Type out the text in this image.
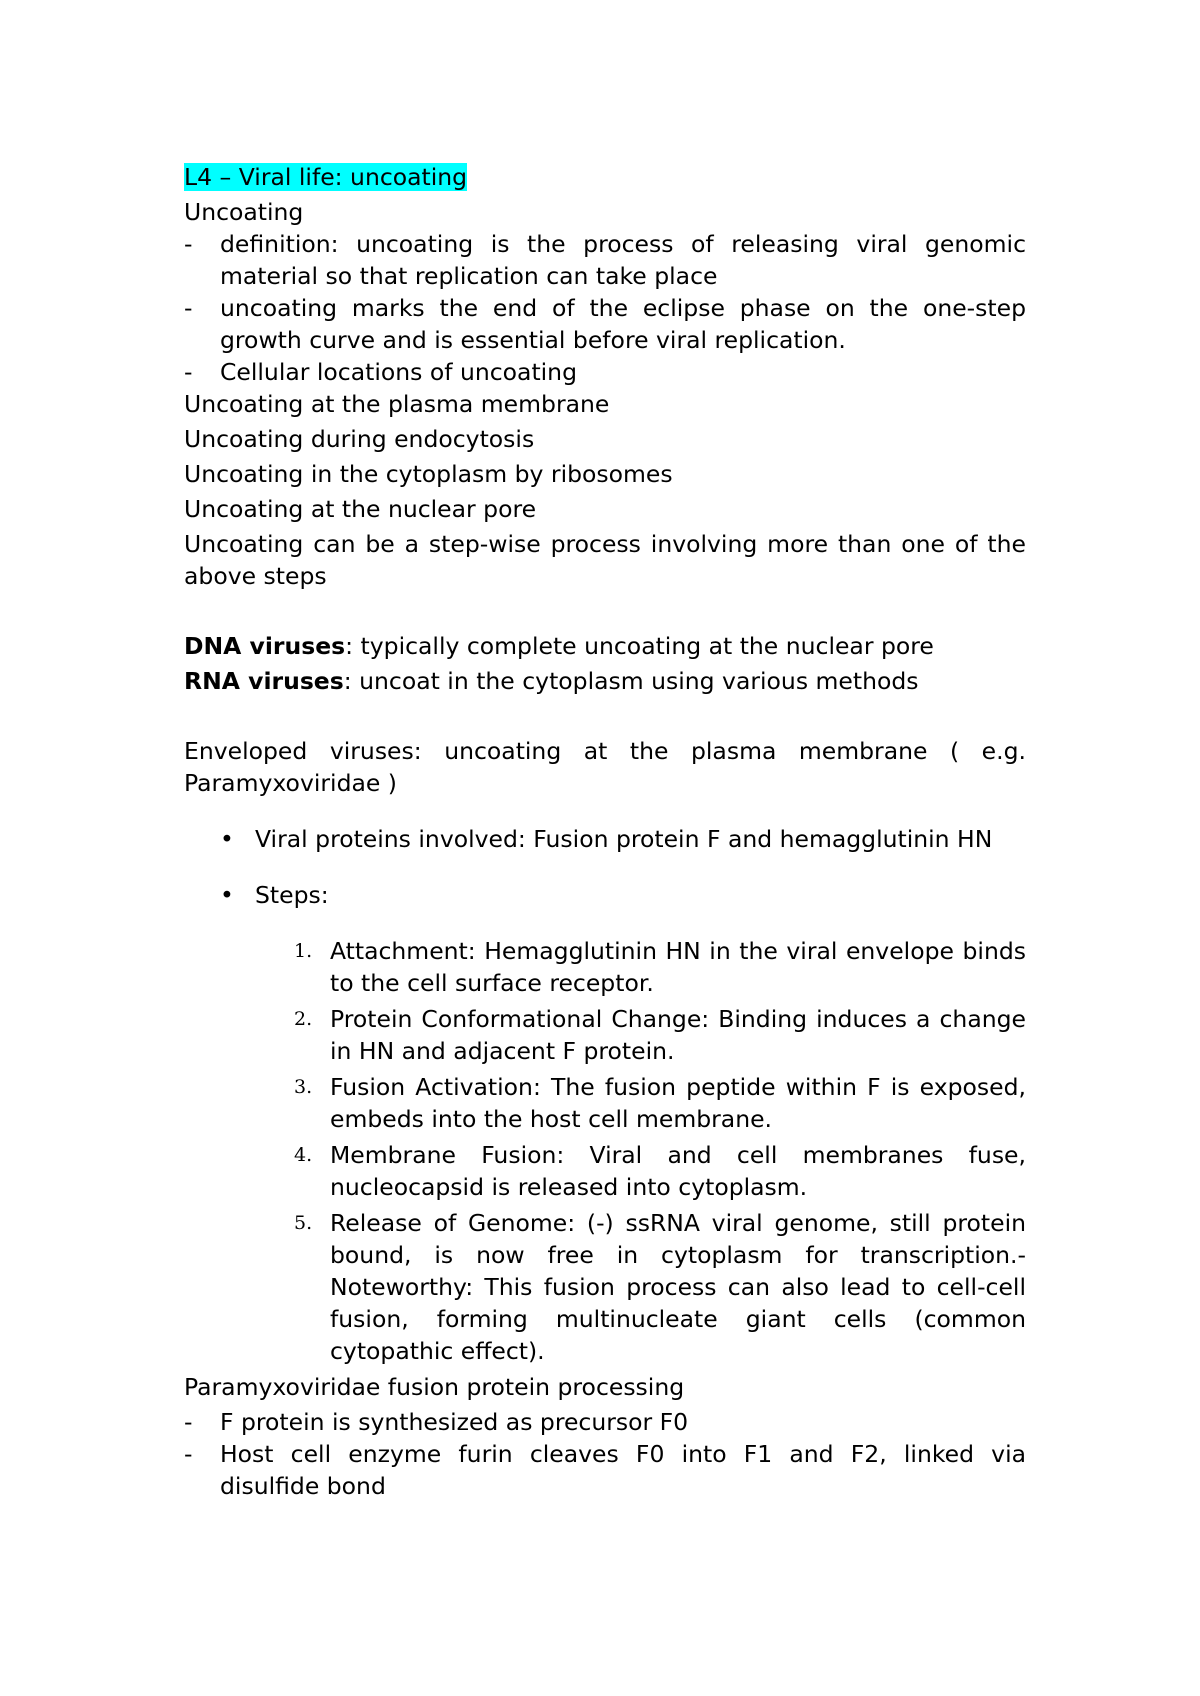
L4 – Viral life: uncoating

Uncoating

- definition: uncoating is the process of releasing viral genomic material so that replication can take place
- uncoating marks the end of the eclipse phase on the one-step growth curve and is essential before viral replication.
- Cellular locations of uncoating

Uncoating at the plasma membrane

Uncoating during endocytosis

Uncoating in the cytoplasm by ribosomes

Uncoating at the nuclear pore

Uncoating can be a step-wise process involving more than one of the above steps

DNA viruses: typically complete uncoating at the nuclear pore

RNA viruses: uncoat in the cytoplasm using various methods

Enveloped viruses: uncoating at the plasma membrane ( e.g. Paramyxoviridae )

• Viral proteins involved: Fusion protein F and hemagglutinin HN
• Steps:
1. Attachment: Hemagglutinin HN in the viral envelope binds to the cell surface receptor.
2. Protein Conformational Change: Binding induces a change in HN and adjacent F protein.
3. Fusion Activation: The fusion peptide within F is exposed, embeds into the host cell membrane.
4. Membrane Fusion: Viral and cell membranes fuse, nucleocapsid is released into cytoplasm.
5. Release of Genome: (-) ssRNA viral genome, still protein bound, is now free in cytoplasm for transcription.- Noteworthy: This fusion process can also lead to cell-cell fusion, forming multinucleate giant cells (common cytopathic effect).

Paramyxoviridae fusion protein processing

- F protein is synthesized as precursor F0
- Host cell enzyme furin cleaves F0 into F1 and F2, linked via disulfide bond
